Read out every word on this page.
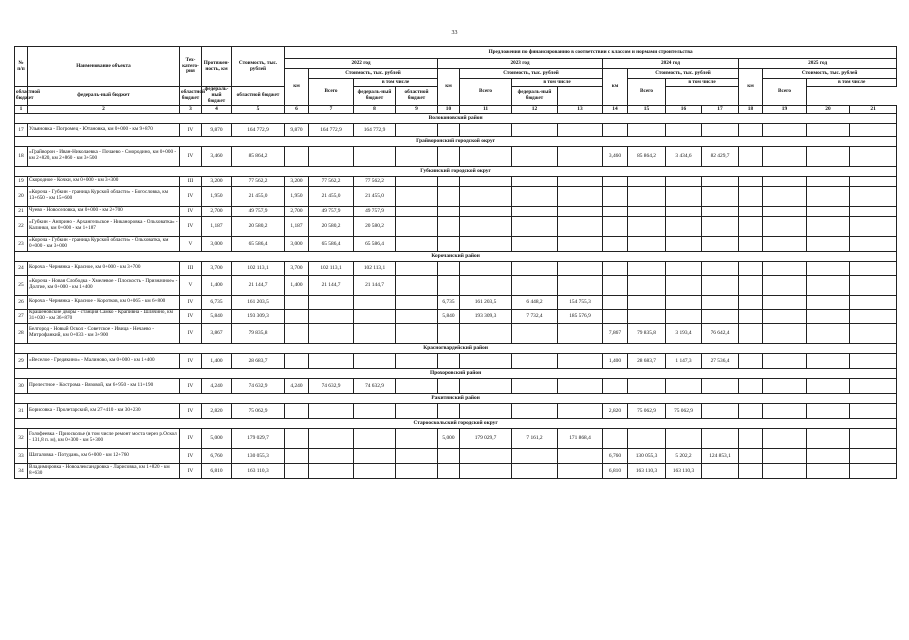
33
№ п/п	Наименование объекта	Тех-катего-рия	Протяжен-ность, км	Стоимость, тыс. рублей	Предложения по финансированию в соответствии с классом и нормами строительства															
					2022 год				2023 год				2024 год				2025 год			
					км	Стоимость, тыс. рублей			км	Стоимость, тыс. рублей			км	Стоимость, тыс. рублей			км	Стоимость, тыс. рублей		
						Всего	в том числе			Всего	в том числе			Всего	в том числе			Всего	в том числе	
областной бюджет	федераль-ный бюджет	областной бюджет	федераль-ный бюджет	областной бюджет			федераль-ный бюджет	областной бюджет			федераль-ный бюджет									
1	2	3	4	5	6	7	8	9	10	11	12	13	14	15	16	17	18	19	20	21
Волоконовский район																				
17	Ульяновка - Погромец - Ютановка, км 0+000 - км 9+870	IV	9,870	164 772,9	9,870	164 772,9	164 772,9													
Грайворонский городской округ																				
18	«Грайворон - Иван-Николаевка - Почаево - Смородино, км 0+000 - км 2+820, км 2+860 - км 3+500	IV	3,460	85 864,2									3,460	85 864,2	3 434,6	82 429,7				
Губкинский городской округ																				
19	Скородное - Кочки, км 0+000 - км 3+300	III	3,200	77 562,2	3,200	77 562,2	77 562,2													
20	«Короча - Губкин - граница Курской области» - Богословка, км 13+650 - км 15+600	IV	1,950	21 455,0	1,950	21 455,0	21 455,0													
21	Чуево - Новоселовка, км 0+000 - км 2+700	IV	2,700	49 757,9	2,700	49 757,9	49 757,9													
22	«Губкин - Анприно - Архангельское - Никаноровка - Ольховатка» - Калинки, км 0+000 - км 1+187	IV	1,187	20 580,2	1,187	20 580,2	20 580,2													
23	«Короча - Губкин - граница Курской области» - Ольховатка, км 0+000 - км 3+000	V	3,000	65 586,4	3,000	65 586,4	65 586,4													
Корочанский район																				
24	Короча - Чернянка - Красное, км 0+000 - км 3+700	III	3,700	102 113,1	3,700	102 113,1	102 113,1													
25	«Короча - Новая Слободка - Хмелевое - Плоскость - Призначное» - Долгие, км 0+000 - км 1+400	V	1,400	21 144,7	1,400	21 144,7	21 144,7													
26	Короча - Чернянка - Красное - Коротков, км 0+065 - км 6+800	IV	6,735	161 203,5					6,735	161 203,5	6 448,2	154 755,3								
27	Крашеновские дворы - станция Самко - Крапивна - Шлячино, км 31+030 - км 36+870	IV	5,840	193 309,3					5,840	193 309,3	7 732,4	185 576,9								
28	Белгород - Новый Оскол - Советское - Ивица - Нечаево - Митрофанкий, км 0+033 - км 3+900	IV	3,867	79 835,8									7,867	79 835,8	3 193,4	76 642,4				
Красногвардейский район																				
29	«Веселое - Гредякино» - Малиново, км 0+000 - км 1+400	IV	1,400	28 683,7									1,400	28 683,7	1 147,3	27 536,4				
Прохоровский район																				
30	Прелестное - Кострома - Вязовой, км 6+950 - км 11+190	IV	4,240	74 632,9	4,240	74 632,9	74 632,9													
Ракитянский район																				
31	Борисовка - Пролетарский, км 27+410 - км 30+230	IV	2,820	75 062,9									2,820	75 062,9	75 062,9					
Старооскольский городской округ																				
32	Голофеевка - Приосколье (в том числе ремонт моста через р.Оскол - 131,8 п. м), км 0+300 - км 5+300	IV	5,000	179 029,7					5,000	179 029,7	7 161,2	171 868,4								
33	Шаталовка - Потудань, км 6+000 - км 12+760	IV	6,760	130 055,3									6,760	130 055,3	5 202,2	124 853,1				
34	Владимировка - Новоалександровка - Ларисовка, км 1+820 - км 8+630	IV	6,810	163 110,3									6,810	163 110,3	163 110,3					
